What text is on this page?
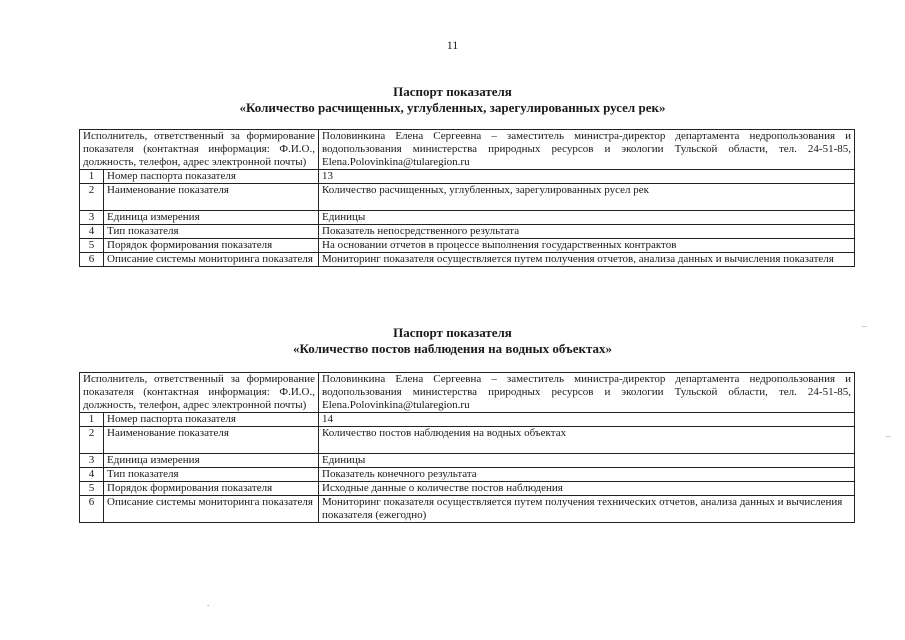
11
Паспорт показателя
«Количество расчищенных, углубленных, зарегулированных русел рек»
Исполнитель, ответственный за формирование показателя (контактная информация: Ф.И.О., должность, телефон, адрес электронной почты)		Половинкина Елена Сергеевна – заместитель министра-директор департамента недропользования и водопользования министерства природных ресурсов и экологии Тульской области, тел. 24-51-85, Elena.Polovinkina@tularegion.ru
1	Номер паспорта показателя	13
2	Наименование показателя	Количество расчищенных, углубленных, зарегулированных русел рек
3	Единица измерения	Единицы
4	Тип показателя	Показатель непосредственного результата
5	Порядок формирования показателя	На основании отчетов в процессе выполнения государственных контрактов
6	Описание системы мониторинга показателя	Мониторинг показателя осуществляется путем получения отчетов, анализа данных и вычисления показателя
Паспорт показателя
«Количество постов наблюдения на водных объектах»
Исполнитель, ответственный за формирование показателя (контактная информация: Ф.И.О., должность, телефон, адрес электронной почты)		Половинкина Елена Сергеевна – заместитель министра-директор департамента недропользования и водопользования министерства природных ресурсов и экологии Тульской области, тел. 24-51-85, Elena.Polovinkina@tularegion.ru
1	Номер паспорта показателя	14
2	Наименование показателя	Количество постов наблюдения на водных объектах
3	Единица измерения	Единицы
4	Тип показателя	Показатель конечного результата
5	Порядок формирования показателя	Исходные данные о количестве постов наблюдения
6	Описание системы мониторинга показателя	Мониторинг показателя осуществляется путем получения технических отчетов, анализа данных и вычисления показателя (ежегодно)
_
_
.
